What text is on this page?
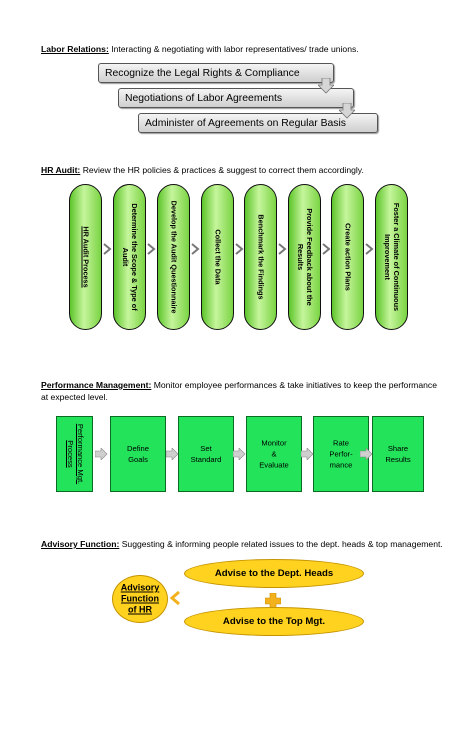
Labor Relations: Interacting & negotiating with labor representatives/ trade unions.
Recognize the Legal Rights & Compliance
Negotiations of Labor Agreements
Administer of Agreements on Regular Basis
HR Audit: Review the HR policies & practices & suggest to correct them accordingly.
HR Audit Process	Determine the Scope & Type of Audit	Develop the Audit Questionnaire	Collect the Data	Benchmark the Findings	Provide Feedback about the Results	Create action Plans	Foster a Climate of Continuous Improvement
Performance Management: Monitor employee performances & take initiatives to keep the performance at expected level.
Performance Mgt. Process	Define
Goals
Set
Standard
Monitor
&
Evaluate
Rate
Perfor-
mance
Share
Results
Advisory Function: Suggesting & informing people related issues to the dept. heads & top management.
Advisory Function of HR
Advise to the Dept. Heads
Advise to the Top Mgt.
